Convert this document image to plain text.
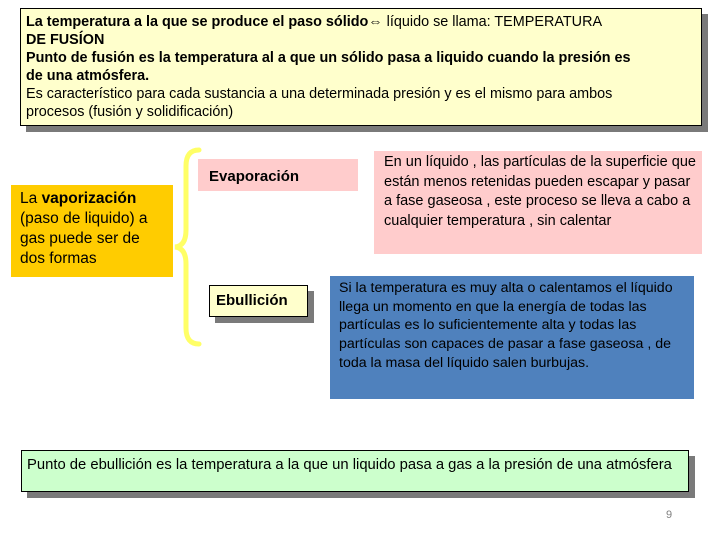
La temperatura a la que se produce el paso sólido⇔ líquido se llama: TEMPERATURA
DE FUSÍON
Punto de fusión es la temperatura al a que un sólido pasa a liquido cuando la presión es
de una atmósfera.
Es característico para cada sustancia a una determinada presión y es el mismo para ambos
procesos (fusión y solidificación)
La vaporización (paso de liquido) a gas puede ser de dos formas
Evaporación
Ebullición
En un líquido , las partículas de la superficie que están menos retenidas pueden escapar y pasar a fase gaseosa , este proceso se lleva a cabo a cualquier temperatura , sin calentar
Si la temperatura es muy alta o calentamos el líquido llega un momento en que la energía de todas las partículas es lo suficientemente alta y todas las partículas son capaces de pasar a fase gaseosa , de toda la masa del líquido salen burbujas.
Punto de ebullición es la temperatura a la que un liquido pasa a gas a la presión de una atmósfera
9
